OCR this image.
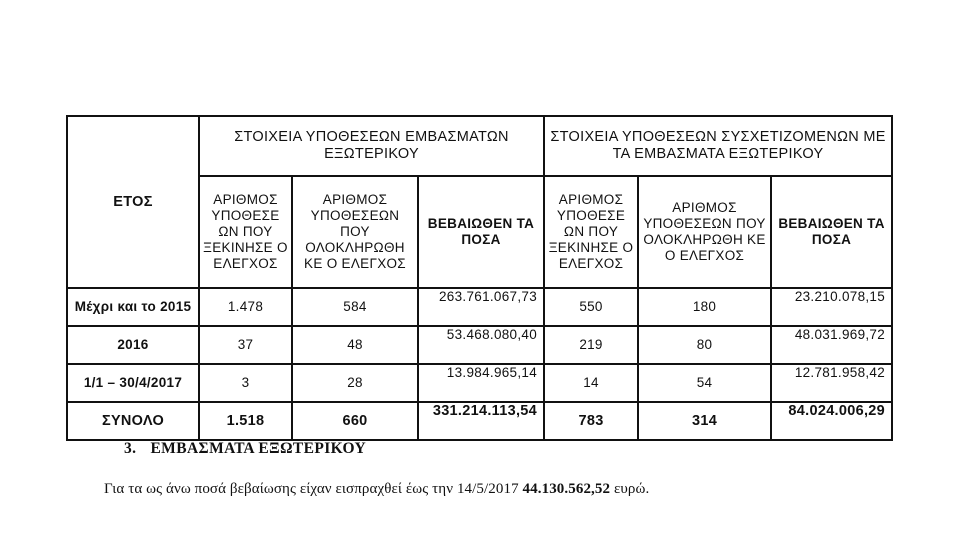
ΕΤΟΣ	ΣΤΟΙΧΕΙΑ ΥΠΟΘΕΣΕΩΝ ΕΜΒΑΣΜΑΤΩΝ ΕΞΩΤΕΡΙΚΟΥ			ΣΤΟΙΧΕΙΑ ΥΠΟΘΕΣΕΩΝ ΣΥΣΧΕΤΙΖΟΜΕΝΩΝ ΜΕ ΤΑ ΕΜΒΑΣΜΑΤΑ ΕΞΩΤΕΡΙΚΟΥ		
	ΑΡΙΘΜΟΣ ΥΠΟΘΕΣΕ ΩΝ ΠΟΥ ΞΕΚΙΝΗΣΕ Ο ΕΛΕΓΧΟΣ	ΑΡΙΘΜΟΣ ΥΠΟΘΕΣΕΩΝ ΠΟΥ ΟΛΟΚΛΗΡΩΘΗ ΚΕ Ο ΕΛΕΓΧΟΣ	ΒΕΒΑΙΩΘΕΝ ΤΑ ΠΟΣΑ	ΑΡΙΘΜΟΣ ΥΠΟΘΕΣΕ ΩΝ ΠΟΥ ΞΕΚΙΝΗΣΕ Ο ΕΛΕΓΧΟΣ	ΑΡΙΘΜΟΣ ΥΠΟΘΕΣΕΩΝ ΠΟΥ ΟΛΟΚΛΗΡΩΘΗ ΚΕ Ο ΕΛΕΓΧΟΣ	ΒΕΒΑΙΩΘΕΝ ΤΑ ΠΟΣΑ
Μέχρι και το 2015	1.478	584	263.761.067,73	550	180	23.210.078,15
2016	37	48	53.468.080,40	219	80	48.031.969,72
1/1 – 30/4/2017	3	28	13.984.965,14	14	54	12.781.958,42
ΣΥΝΟΛΟ	1.518	660	331.214.113,54	783	314	84.024.006,29
3. ΕΜΒΑΣΜΑΤΑ ΕΞΩΤΕΡΙΚΟΥ
Για τα ως άνω ποσά βεβαίωσης είχαν εισπραχθεί έως την 14/5/2017 44.130.562,52 ευρώ.
